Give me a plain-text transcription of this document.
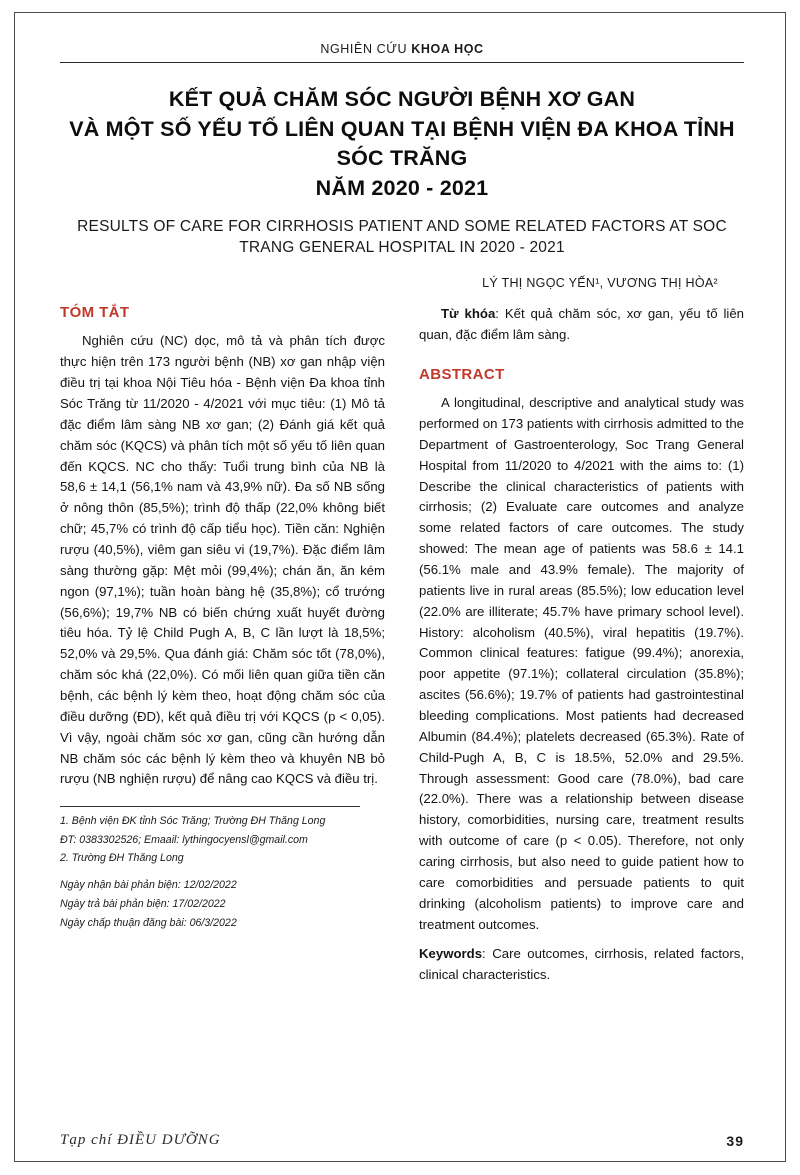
NGHIÊN CỨU KHOA HỌC
KẾT QUẢ CHĂM SÓC NGƯỜI BỆNH XƠ GAN
VÀ MỘT SỐ YẾU TỐ LIÊN QUAN TẠI BỆNH VIỆN ĐA KHOA TỈNH SÓC TRĂNG
NĂM 2020 - 2021
RESULTS OF CARE FOR CIRRHOSIS PATIENT AND SOME RELATED FACTORS AT SOC
TRANG GENERAL HOSPITAL IN 2020 - 2021
LÝ THỊ NGỌC YẾN¹, VƯƠNG THỊ HÒA²
TÓM TẮT

Nghiên cứu (NC) dọc, mô tả và phân tích được thực hiện trên 173 người bệnh (NB) xơ gan nhập viện điều trị tại khoa Nội Tiêu hóa - Bệnh viện Đa khoa tỉnh Sóc Trăng từ 11/2020 - 4/2021 với mục tiêu: (1) Mô tả đặc điểm lâm sàng NB xơ gan; (2) Đánh giá kết quả chăm sóc (KQCS) và phân tích một số yếu tố liên quan đến KQCS. NC cho thấy: Tuổi trung bình của NB là 58,6 ± 14,1 (56,1% nam và 43,9% nữ). Đa số NB sống ở nông thôn (85,5%); trình độ thấp (22,0% không biết chữ; 45,7% có trình độ cấp tiểu học). Tiền căn: Nghiện rượu (40,5%), viêm gan siêu vi (19,7%). Đặc điểm lâm sàng thường gặp: Mệt mỏi (99,4%); chán ăn, ăn kém ngon (97,1%); tuần hoàn bàng hệ (35,8%); cổ trướng (56,6%); 19,7% NB có biến chứng xuất huyết đường tiêu hóa. Tỷ lệ Child Pugh A, B, C lần lượt là 18,5%; 52,0% và 29,5%. Qua đánh giá: Chăm sóc tốt (78,0%), chăm sóc khá (22,0%). Có mối liên quan giữa tiền căn bệnh, các bệnh lý kèm theo, hoạt động chăm sóc của điều dưỡng (ĐD), kết quả điều trị với KQCS (p < 0,05). Vì vậy, ngoài chăm sóc xơ gan, cũng cần hướng dẫn NB chăm sóc các bệnh lý kèm theo và khuyên NB bỏ rượu (NB nghiện rượu) để nâng cao KQCS và điều trị.

1. Bệnh viện ĐK tỉnh Sóc Trăng; Trường ĐH Thăng Long

ĐT: 0383302526; Emaail: lythingocyensl@gmail.com

2. Trường ĐH Thăng Long

Ngày nhận bài phản biện: 12/02/2022

Ngày trả bài phản biện: 17/02/2022

Ngày chấp thuận đăng bài: 06/3/2022

Từ khóa: Kết quả chăm sóc, xơ gan, yếu tố liên quan, đặc điểm lâm sàng.

ABSTRACT

A longitudinal, descriptive and analytical study was performed on 173 patients with cirrhosis admitted to the Department of Gastroenterology, Soc Trang General Hospital from 11/2020 to 4/2021 with the aims to: (1) Describe the clinical characteristics of patients with cirrhosis; (2) Evaluate care outcomes and analyze some related factors of care outcomes. The study showed: The mean age of patients was 58.6 ± 14.1 (56.1% male and 43.9% female). The majority of patients live in rural areas (85.5%); low education level (22.0% are illiterate; 45.7% have primary school level). History: alcoholism (40.5%), viral hepatitis (19.7%). Common clinical features: fatigue (99.4%); anorexia, poor appetite (97.1%); collateral circulation (35.8%); ascites (56.6%); 19.7% of patients had gastrointestinal bleeding complications. Most patients had decreased Albumin (84.4%); platelets decreased (65.3%). Rate of Child-Pugh A, B, C is 18.5%, 52.0% and 29.5%. Through assessment: Good care (78.0%), bad care (22.0%). There was a relationship between disease history, comorbidities, nursing care, treatment results with outcome of care (p < 0.05). Therefore, not only caring cirrhosis, but also need to guide patient how to care comorbidities and persuade patients to quit drinking (alcoholism patients) to improve care and treatment outcomes.

Keywords: Care outcomes, cirrhosis, related factors, clinical characteristics.

Tạp chí ĐIỀU DƯỠNG	39
